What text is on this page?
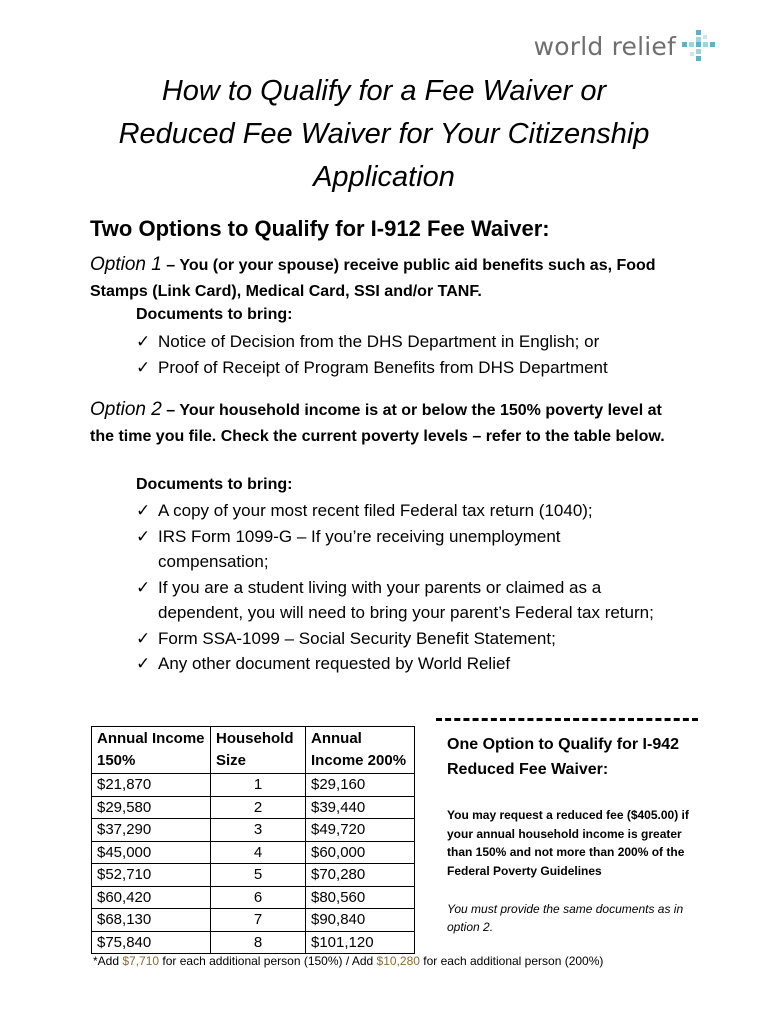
world relief
How to Qualify for a Fee Waiver or
Reduced Fee Waiver for Your Citizenship
Application
Two Options to Qualify for I-912 Fee Waiver:
Option 1 – You (or your spouse) receive public aid benefits such as, Food Stamps (Link Card), Medical Card, SSI and/or TANF.
Documents to bring:
✓ Notice of Decision from the DHS Department in English; or
✓ Proof of Receipt of Program Benefits from DHS Department
Option 2 – Your household income is at or below the 150% poverty level at the time you file. Check the current poverty levels – refer to the table below.
Documents to bring:
✓ A copy of your most recent filed Federal tax return (1040);
✓ IRS Form 1099-G – If you’re receiving unemployment compensation;
✓ If you are a student living with your parents or claimed as a dependent, you will need to bring your parent’s Federal tax return;
✓ Form SSA-1099 – Social Security Benefit Statement;
✓ Any other document requested by World Relief
Annual Income 150%	Household Size	Annual Income 200%
$21,870	1	$29,160
$29,580	2	$39,440
$37,290	3	$49,720
$45,000	4	$60,000
$52,710	5	$70,280
$60,420	6	$80,560
$68,130	7	$90,840
$75,840	8	$101,120
One Option to Qualify for I-942 Reduced Fee Waiver:
You may request a reduced fee ($405.00) if your annual household income is greater than 150% and not more than 200% of the Federal Poverty Guidelines
You must provide the same documents as in option 2.
*Add $7,710 for each additional person (150%) / Add $10,280 for each additional person (200%)
